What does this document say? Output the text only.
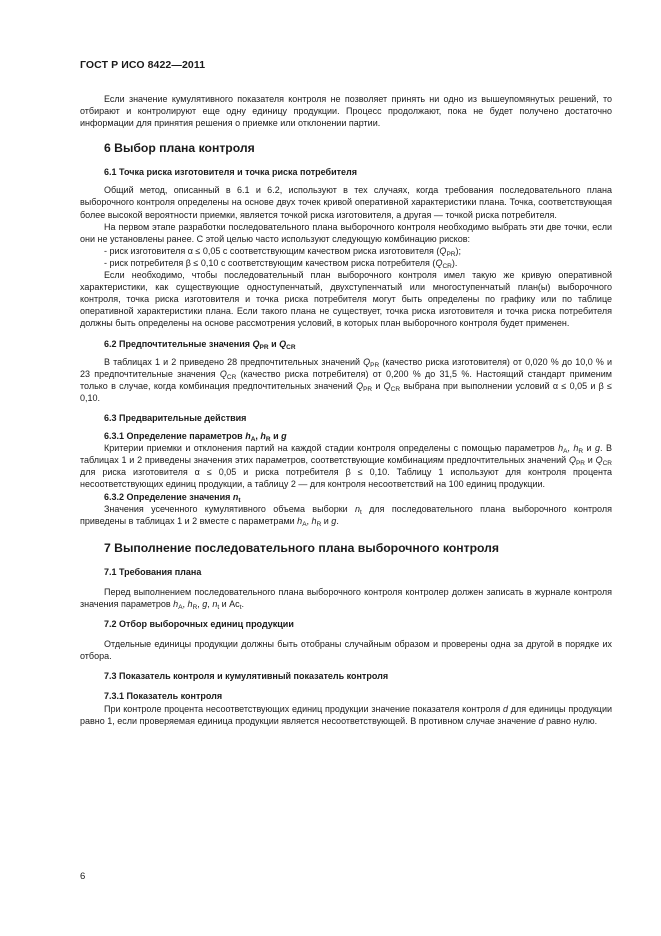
ГОСТ Р ИСО 8422—2011

Если значение кумулятивного показателя контроля не позволяет принять ни одно из вышеупомянутых решений, то отбирают и контролируют еще одну единицу продукции. Процесс продолжают, пока не будет получено достаточно информации для принятия решения о приемке или отклонении партии.

6 Выбор плана контроля
6.1 Точка риска изготовителя и точка риска потребителя

Общий метод, описанный в 6.1 и 6.2, используют в тех случаях, когда требования последовательного плана выборочного контроля определены на основе двух точек кривой оперативной характеристики плана. Точка, соответствующая более высокой вероятности приемки, является точкой риска изготовителя, а другая — точкой риска потребителя.

На первом этапе разработки последовательного плана выборочного контроля необходимо выбрать эти две точки, если они не установлены ранее. С этой целью часто используют следующую комбинацию рисков:

- риск изготовителя α ≤ 0,05 с соответствующим качеством риска изготовителя $(Q_{PR})$;

- риск потребителя β ≤ 0,10 с соответствующим качеством риска потребителя $(Q_{CR})$.

Если необходимо, чтобы последовательный план выборочного контроля имел такую же кривую оперативной характеристики, как существующие одноступенчатый, двухступенчатый или многоступенчатый план(ы) выборочного контроля, точка риска изготовителя и точка риска потребителя могут быть определены по графику или по таблице оперативной характеристики плана. Если такого плана не существует, точка риска изготовителя и точка риска потребителя должны быть определены на основе рассмотрения условий, в которых план выборочного контроля будет применен.

6.2 Предпочтительные значения $Q_{PR}$ и $Q_{CR}$

В таблицах 1 и 2 приведено 28 предпочтительных значений $Q_{PR}$ (качество риска изготовителя) от 0,020 % до 10,0 % и 23 предпочтительные значения $Q_{CR}$ (качество риска потребителя) от 0,200 % до 31,5 %. Настоящий стандарт применим только в случае, когда комбинация предпочтительных значений $Q_{PR}$ и $Q_{CR}$ выбрана при выполнении условий α ≤ 0,05 и β ≤ 0,10.

6.3 Предварительные действия
6.3.1 Определение параметров $h_A$, $h_R$ и g

Критерии приемки и отклонения партий на каждой стадии контроля определены с помощью параметров $h_A$, $h_R$ и g. В таблицах 1 и 2 приведены значения этих параметров, соответствующие комбинациям предпочтительных значений $Q_{PR}$ и $Q_{CR}$ для риска изготовителя α ≤ 0,05 и риска потребителя β ≤ 0,10. Таблицу 1 используют для контроля процента несоответствующих единиц продукции, а таблицу 2 — для контроля несоответствий на 100 единиц продукции.

6.3.2 Определение значения $n_t$

Значения усеченного кумулятивного объема выборки $n_t$ для последовательного плана выборочного контроля приведены в таблицах 1 и 2 вместе с параметрами $h_A$, $h_R$ и g.

7 Выполнение последовательного плана выборочного контроля
7.1 Требования плана

Перед выполнением последовательного плана выборочного контроля контролер должен записать в журнале контроля значения параметров $h_A$, $h_R$, g, $n_t$ и $Ac_t$.

7.2 Отбор выборочных единиц продукции

Отдельные единицы продукции должны быть отобраны случайным образом и проверены одна за другой в порядке их отбора.

7.3 Показатель контроля и кумулятивный показатель контроля
7.3.1 Показатель контроля

При контроле процента несоответствующих единиц продукции значение показателя контроля d для единицы продукции равно 1, если проверяемая единица продукции является несоответствующей. В противном случае значение d равно нулю.

6
